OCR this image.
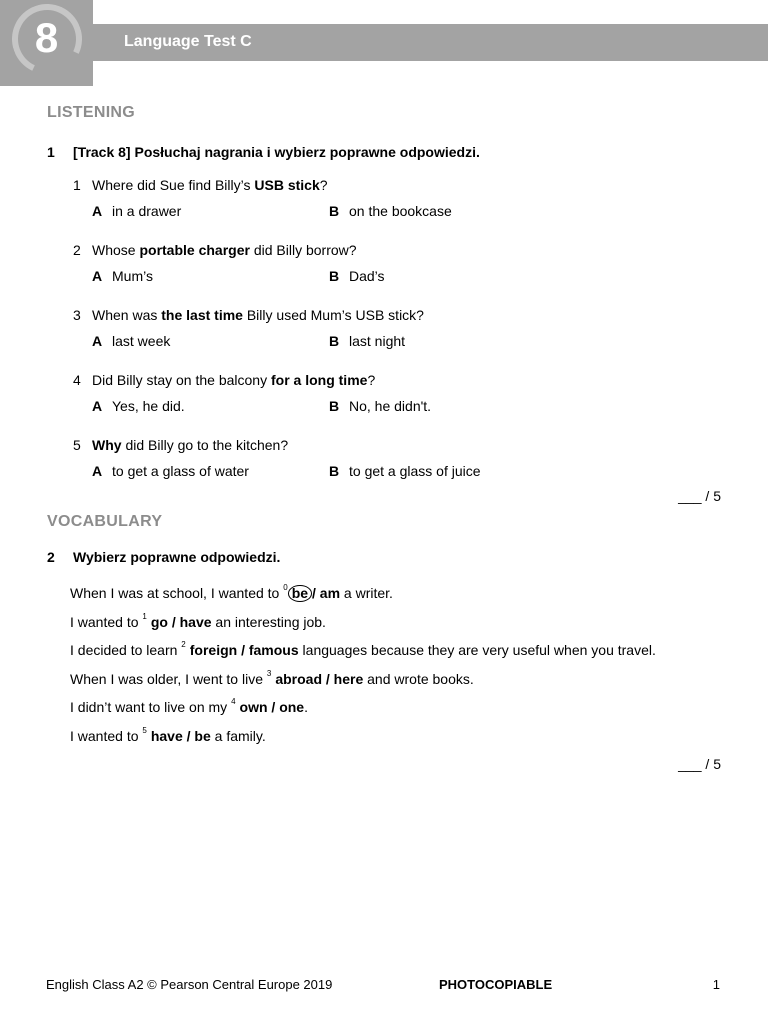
8	Language Test C
LISTENING
1 [Track 8] Posłuchaj nagrania i wybierz poprawne odpowiedzi.
1 Where did Sue find Billy’s USB stick?
A in a drawer	B on the bookcase
2 Whose portable charger did Billy borrow?
A Mum’s	B Dad’s
3 When was the last time Billy used Mum’s USB stick?
A last week	B last night
4 Did Billy stay on the balcony for a long time?
A Yes, he did.	B No, he didn't.
5 Why did Billy go to the kitchen?
A to get a glass of water	B to get a glass of juice
___ / 5
VOCABULARY
2 Wybierz poprawne odpowiedzi.
When I was at school, I wanted to $^0$ be / am a writer.
I wanted to $^1$ go / have an interesting job.
I decided to learn $^2$ foreign / famous languages because they are very useful when you travel.
When I was older, I went to live $^3$ abroad / here and wrote books.
I didn’t want to live on my $^4$ own / one.
I wanted to $^5$ have / be a family.
___ / 5
English Class A2 © Pearson Central Europe 2019	PHOTOCOPIABLE	1
